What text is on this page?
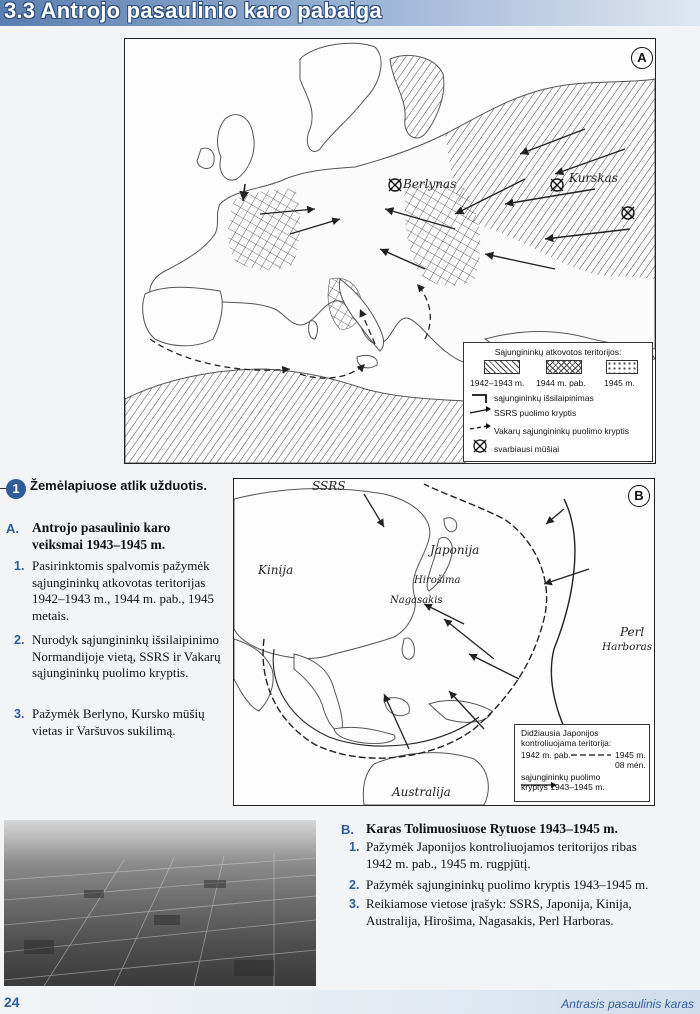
3.3 Antrojo pasaulinio karo pabaiga
A
Berlynas	Kurskas
Sąjungininkų atkovotos teritorijos:
1942–1943 m. 1944 m. pab. 1945 m.
sąjungininkų išsilaipinimas
SSRS puolimo kryptis
Vakarų sąjungininkų puolimo kryptis
svarbiausi mūšiai
1 Žemėlapiuose atlik užduotis.
A. Antrojo pasaulinio karo veiksmai 1943–1945 m.
1. Pasirinktomis spalvomis pažymėk sąjungininkų atkovotas teritorijas 1942–1943 m., 1944 m. pab., 1945 metais.
2. Nurodyk sąjungininkų išsilaipinimo Normandijoje vietą, SSRS ir Vakarų sąjungininkų puolimo kryptis.
3. Pažymėk Berlyno, Kursko mūšių vietas ir Varšuvos sukilimą.
B
SSRS
Japonija
Kinija
Hirošima
Nagasakis
Perl
Harboras
Australija
Didžiausia Japonijos kontroliuojama teritorija:
1942 m. pab.	1945 m.
08 mėn.
sąjungininkų puolimo
kryptys 1943–1945 m.
B. Karas Tolimuosiuose Rytuose 1943–1945 m.
1. Pažymėk Japonijos kontroliuojamos teritorijos ribas 1942 m. pab., 1945 m. rugpjūtį.
2. Pažymėk sąjungininkų puolimo kryptis 1943–1945 m.
3. Reikiamose vietose įrašyk: SSRS, Japonija, Kinija, Australija, Hirošima, Nagasakis, Perl Harboras.
24	Antrasis pasaulinis karas
